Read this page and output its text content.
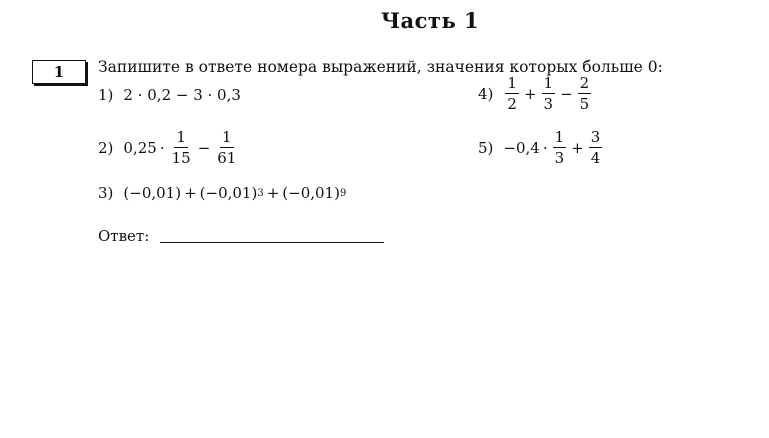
Часть 1
1	Запишите в ответе номера выражений, значения которых больше 0:
1) 2 · 0,2 − 3 · 0,3
2) $0,25 \cdot \frac{1}{15} - \frac{1}{61}$
3) (−0,01) + (−0,01) 3 + (−0,01) 9
$4) \frac{1}{2} + \frac{1}{3} - \frac{2}{5}$
$5) -0,4 \cdot \frac{1}{3} + \frac{3}{4}$
Ответ:
